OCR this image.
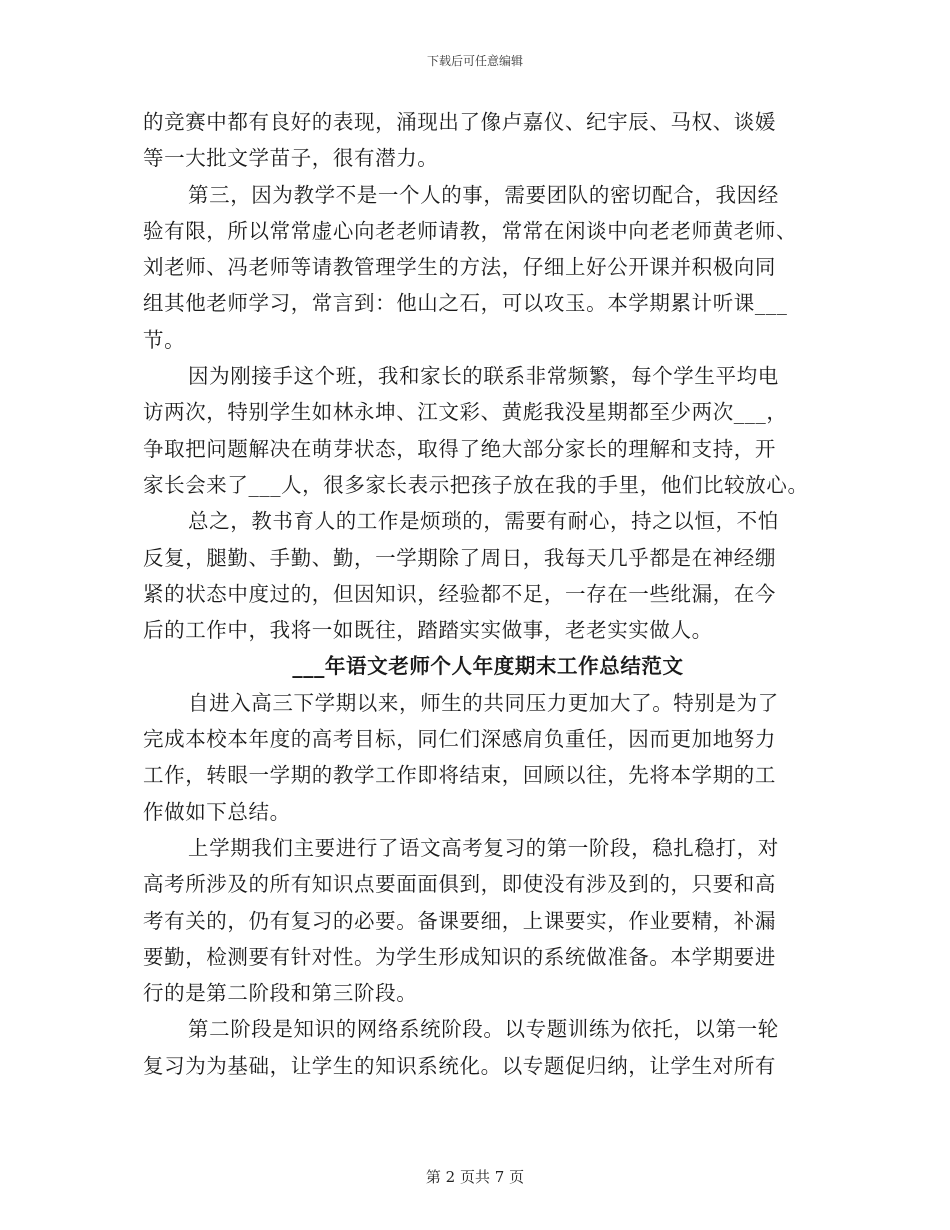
下载后可任意编辑
的竞赛中都有良好的表现，涌现出了像卢嘉仪、纪宇辰、马权、谈媛
等一大批文学苗子，很有潜力。
第三，因为教学不是一个人的事，需要团队的密切配合，我因经
验有限，所以常常虚心向老老师请教，常常在闲谈中向老老师黄老师、
刘老师、冯老师等请教管理学生的方法，仔细上好公开课并积极向同
组其他老师学习，常言到：他山之石，可以攻玉。本学期累计听课___
节。
因为刚接手这个班，我和家长的联系非常频繁，每个学生平均电
访两次，特别学生如林永坤、江文彩、黄彪我没星期都至少两次___，
争取把问题解决在萌芽状态，取得了绝大部分家长的理解和支持，开
家长会来了___人，很多家长表示把孩子放在我的手里，他们比较放心。
总之，教书育人的工作是烦琐的，需要有耐心，持之以恒，不怕
反复，腿勤、手勤、勤，一学期除了周日，我每天几乎都是在神经绷
紧的状态中度过的，但因知识，经验都不足，一存在一些纰漏，在今
后的工作中，我将一如既往，踏踏实实做事，老老实实做人。
___年语文老师个人年度期末工作总结范文
自进入高三下学期以来，师生的共同压力更加大了。特别是为了
完成本校本年度的高考目标，同仁们深感肩负重任，因而更加地努力
工作，转眼一学期的教学工作即将结束，回顾以往，先将本学期的工
作做如下总结。
上学期我们主要进行了语文高考复习的第一阶段，稳扎稳打，对
高考所涉及的所有知识点要面面俱到，即使没有涉及到的，只要和高
考有关的，仍有复习的必要。备课要细，上课要实，作业要精，补漏
要勤，检测要有针对性。为学生形成知识的系统做准备。本学期要进
行的是第二阶段和第三阶段。
第二阶段是知识的网络系统阶段。以专题训练为依托，以第一轮
复习为为基础，让学生的知识系统化。以专题促归纳，让学生对所有
第 2 页共 7 页
